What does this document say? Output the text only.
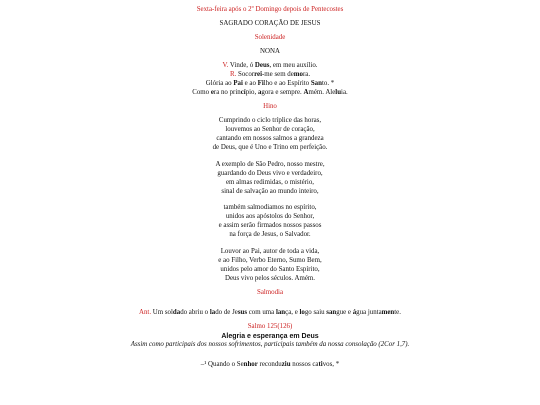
Sexta-feira após o 2º Domingo depois de Pentecostes
SAGRADO CORAÇÃO DE JESUS
Solenidade
NONA
V. Vinde, ó Deus, em meu auxílio.
R. Socorrei-me sem demora.
Glória ao Pai e ao Filho e ao Espírito Santo. *
Como era no princípio, agora e sempre. Amém. Aleluia.
Hino
Cumprindo o ciclo tríplice das horas,
louvemos ao Senhor de coração,
cantando em nossos salmos a grandeza
de Deus, que é Uno e Trino em perfeição.
A exemplo de São Pedro, nosso mestre,
guardando do Deus vivo e verdadeiro,
em almas redimidas, o mistério,
sinal de salvação ao mundo inteiro,
também salmodiamos no espírito,
unidos aos apóstolos do Senhor,
e assim serão firmados nossos passos
na força de Jesus, o Salvador.
Louvor ao Pai, autor de toda a vida,
e ao Filho, Verbo Eterno, Sumo Bem,
unidos pelo amor do Santo Espírito,
Deus vivo pelos séculos. Amém.
Salmodia
Ant. Um soldado abriu o lado de Jesus com uma lança, e logo saiu sangue e água juntamente.
Salmo 125(126)
Alegria e esperança em Deus
Assim como participais dos nossos sofrimentos, participais também da nossa consolação (2Cor 1,7).
–¹ Quando o Senhor reconduziu nossos cativos, *
